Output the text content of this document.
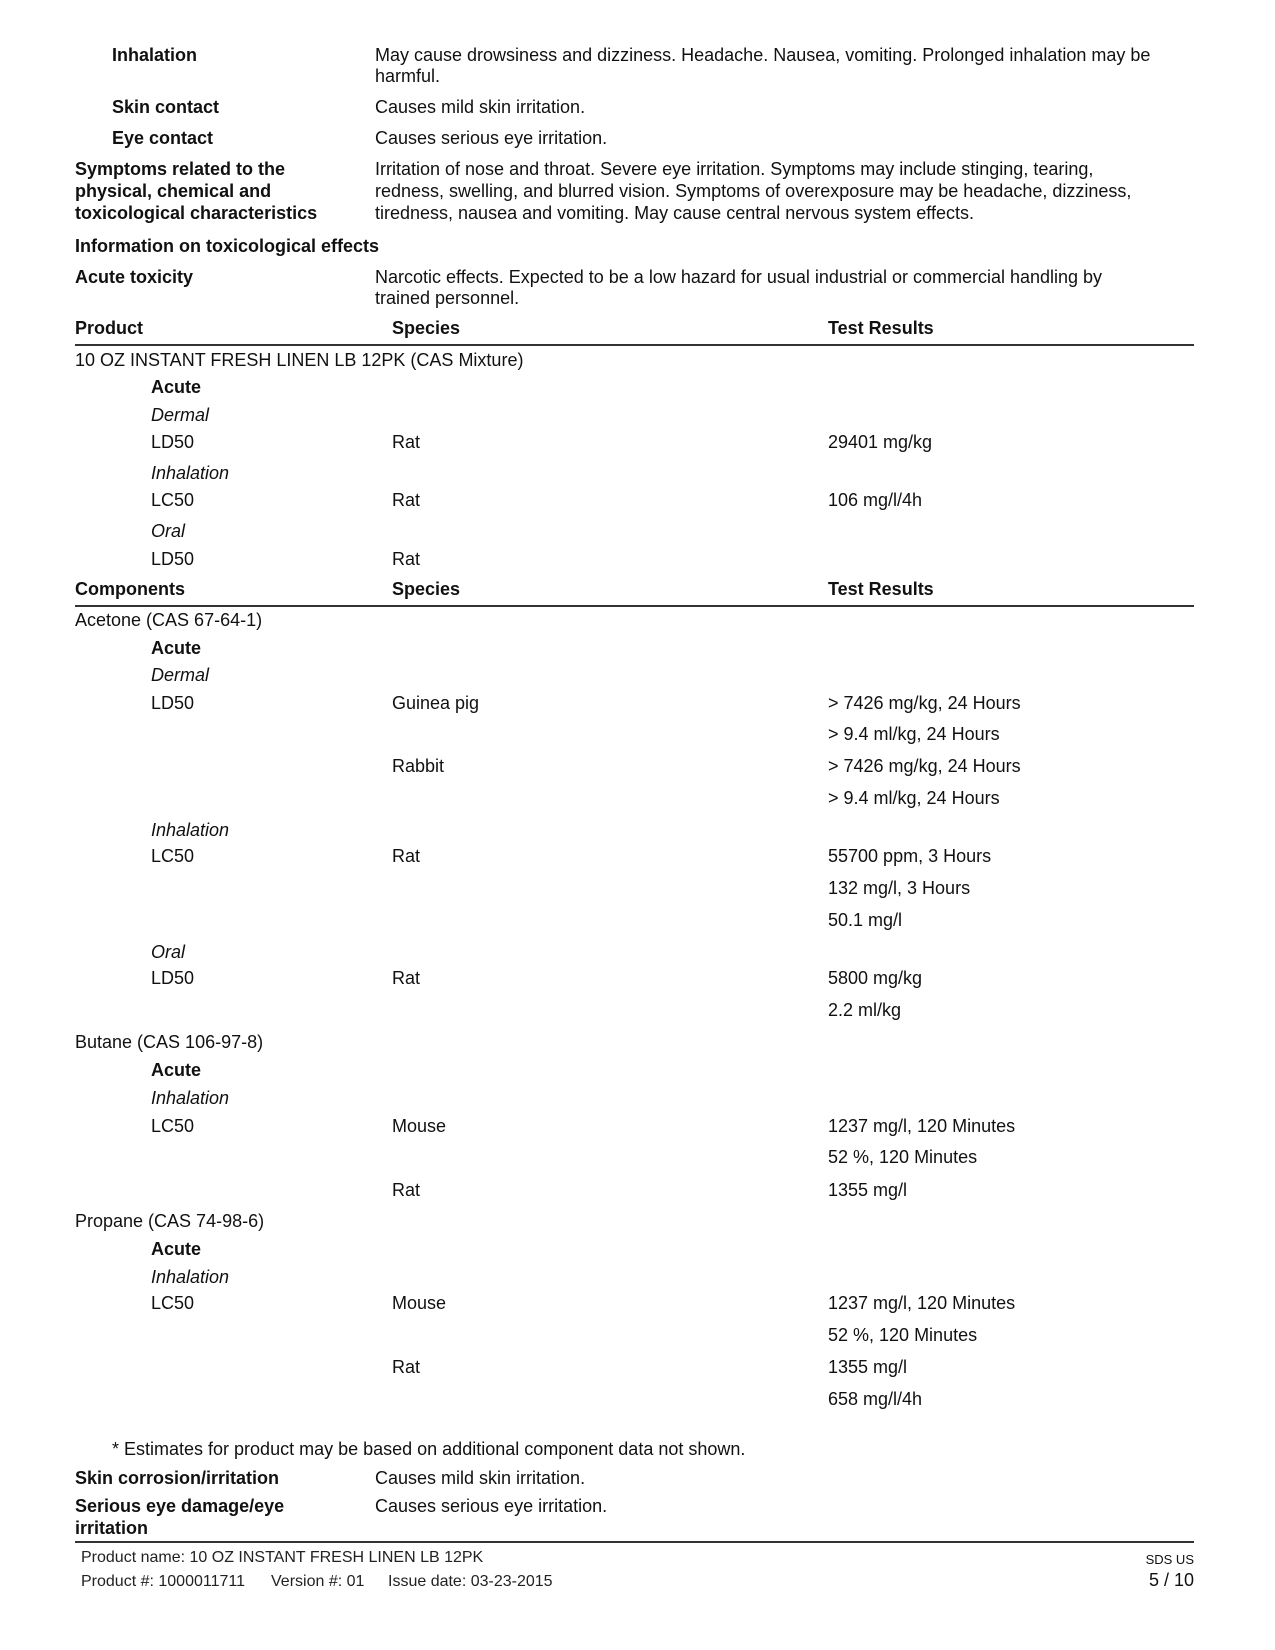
Inhalation	May cause drowsiness and dizziness. Headache. Nausea, vomiting. Prolonged inhalation may be
harmful.
Skin contact	Causes mild skin irritation.
Eye contact	Causes serious eye irritation.
Symptoms related to the
physical, chemical and
toxicological characteristics
Irritation of nose and throat. Severe eye irritation. Symptoms may include stinging, tearing,
redness, swelling, and blurred vision. Symptoms of overexposure may be headache, dizziness,
tiredness, nausea and vomiting. May cause central nervous system effects.
Information on toxicological effects
Acute toxicity	Narcotic effects. Expected to be a low hazard for usual industrial or commercial handling by
trained personnel.
Product	Species	Test Results
10 OZ INSTANT FRESH LINEN LB 12PK (CAS Mixture)
Acute
Dermal
LD50	Rat	29401 mg/kg
Inhalation
LC50	Rat	106 mg/l/4h
Oral
LD50	Rat
Components	Species	Test Results
Acetone (CAS 67-64-1)
Acute
Dermal
LD50	Guinea pig	> 7426 mg/kg, 24 Hours
> 9.4 ml/kg, 24 Hours
Rabbit	> 7426 mg/kg, 24 Hours
> 9.4 ml/kg, 24 Hours
Inhalation
LC50	Rat	55700 ppm, 3 Hours
132 mg/l, 3 Hours
50.1 mg/l
Oral
LD50	Rat	5800 mg/kg
2.2 ml/kg
Butane (CAS 106-97-8)
Acute
Inhalation
LC50	Mouse	1237 mg/l, 120 Minutes
52 %, 120 Minutes
Rat	1355 mg/l
Propane (CAS 74-98-6)
Acute
Inhalation
LC50	Mouse	1237 mg/l, 120 Minutes
52 %, 120 Minutes
Rat	1355 mg/l
658 mg/l/4h
* Estimates for product may be based on additional component data not shown.
Skin corrosion/irritation	Causes mild skin irritation.
Serious eye damage/eye
irritation
Causes serious eye irritation.
Product name: 10 OZ INSTANT FRESH LINEN LB 12PK
Product #: 1000011711 Version #: 01 Issue date: 03-23-2015
SDS US
5 / 10
